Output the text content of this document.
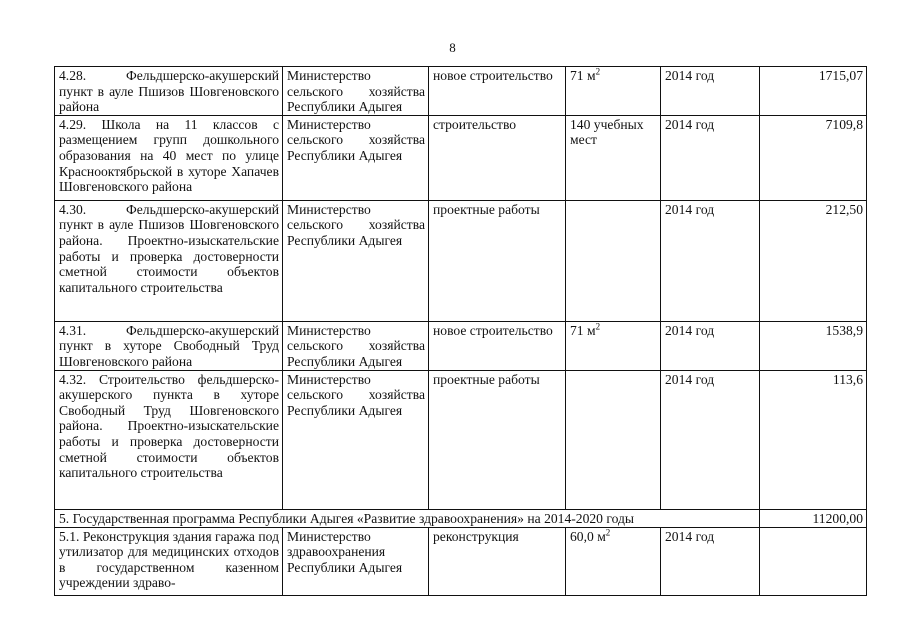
8
4.28. Фельдшерско-акушерский пункт в ауле Пшизов Шовгеновского района	Министерство сельского хозяйства Республики Адыгея	новое строительство	71 $м^2$	2014 год	1715,07
4.29. Школа на 11 классов с размещением групп дошкольного образования на 40 мест по улице Краснооктябрьской в хуторе Хапачев Шовгеновского района	Министерство сельского хозяйства Республики Адыгея	строительство	140 учебных мест	2014 год	7109,8
4.30. Фельдшерско-акушерский пункт в ауле Пшизов Шовгеновского района. Проектно-изыскательские работы и проверка достоверности сметной стоимости объектов капитального строительства	Министерство сельского хозяйства Республики Адыгея	проектные работы		2014 год	212,50
4.31. Фельдшерско-акушерский пункт в хуторе Свободный Труд Шовгеновского района	Министерство сельского хозяйства Республики Адыгея	новое строительство	71 $м^2$	2014 год	1538,9
4.32. Строительство фельдшерско-акушерского пункта в хуторе Свободный Труд Шовгеновского района. Проектно-изыскательские работы и проверка достоверности сметной стоимости объектов капитального строительства	Министерство сельского хозяйства Республики Адыгея	проектные работы		2014 год	113,6
5. Государственная программа Республики Адыгея «Развитие здравоохранения» на 2014-2020 годы					11200,00
5.1. Реконструкция здания гаража под утилизатор для медицинских отходов в государственном казенном учреждении здраво-	Министерство здравоохранения Республики Адыгея	реконструкция	60,0 $м^2$	2014 год	
